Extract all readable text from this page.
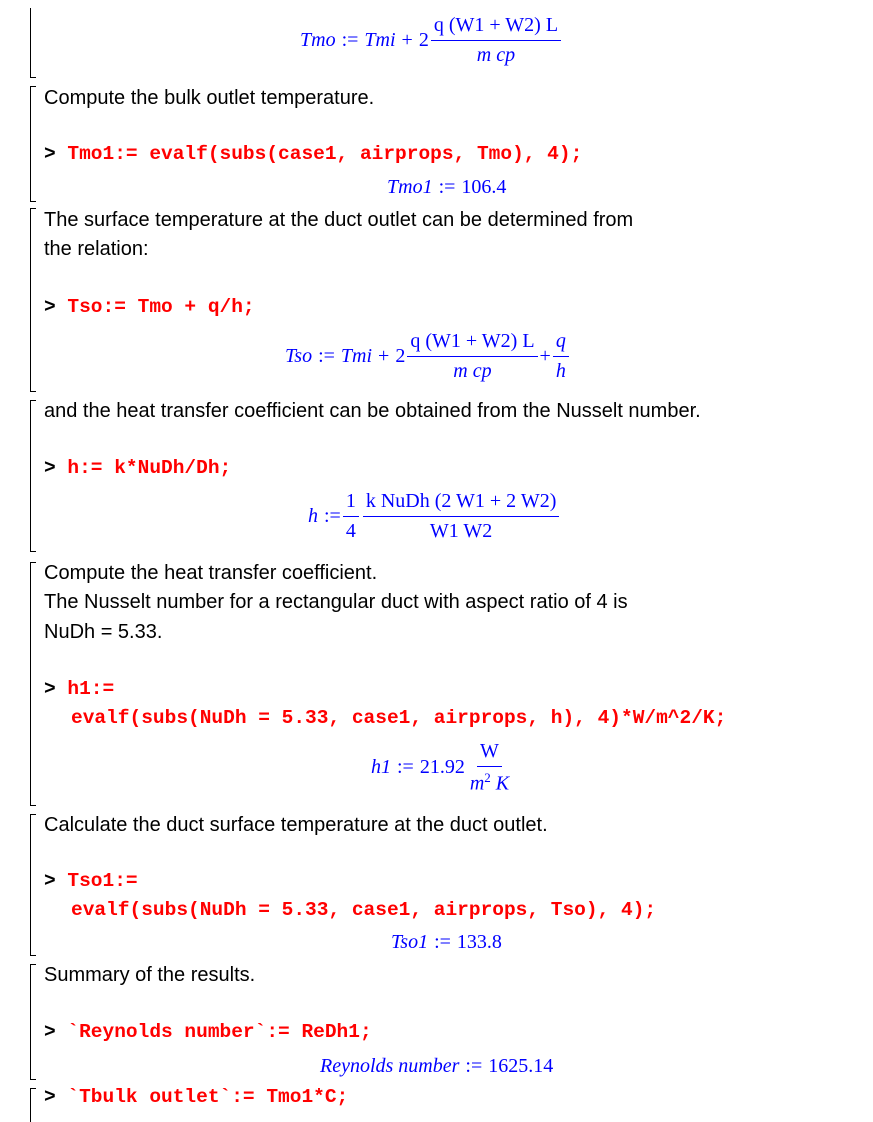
Tmo := Tmi + $2 \frac{q (W1 + W2) L}{\text{m cp}}$
Compute the bulk outlet temperature.
> Tmo1:= evalf(subs(case1, airprops, Tmo), 4);
Tmo1 := 106.4
The surface temperature at the duct outlet can be determined from
the relation:
> Tso:= Tmo + q/h;
Tso := Tmi + $2 \frac{q (W1 + W2) L}{\text{m cp}} + \frac{q}{h}$
and the heat transfer coefficient can be obtained from the Nusselt number.
> h:= k*NuDh/Dh;
h := $\frac{1}{4} \frac{\text{k NuDh (2 W1 + 2 W2)}}{W1 W2}$
Compute the heat transfer coefficient.
The Nusselt number for a rectangular duct with aspect ratio of 4 is
NuDh = 5.33.
> h1:=
evalf(subs(NuDh = 5.33, case1, airprops, h), 4)*W/m^2/K;
h1 := $21.92 \frac{W}{m^2 K}$
Calculate the duct surface temperature at the duct outlet.
> Tso1:=
evalf(subs(NuDh = 5.33, case1, airprops, Tso), 4);
Tso1 := 133.8
Summary of the results.
> `Reynolds number`:= ReDh1;
Reynolds number := 1625.14
> `Tbulk outlet`:= Tmo1*C;
